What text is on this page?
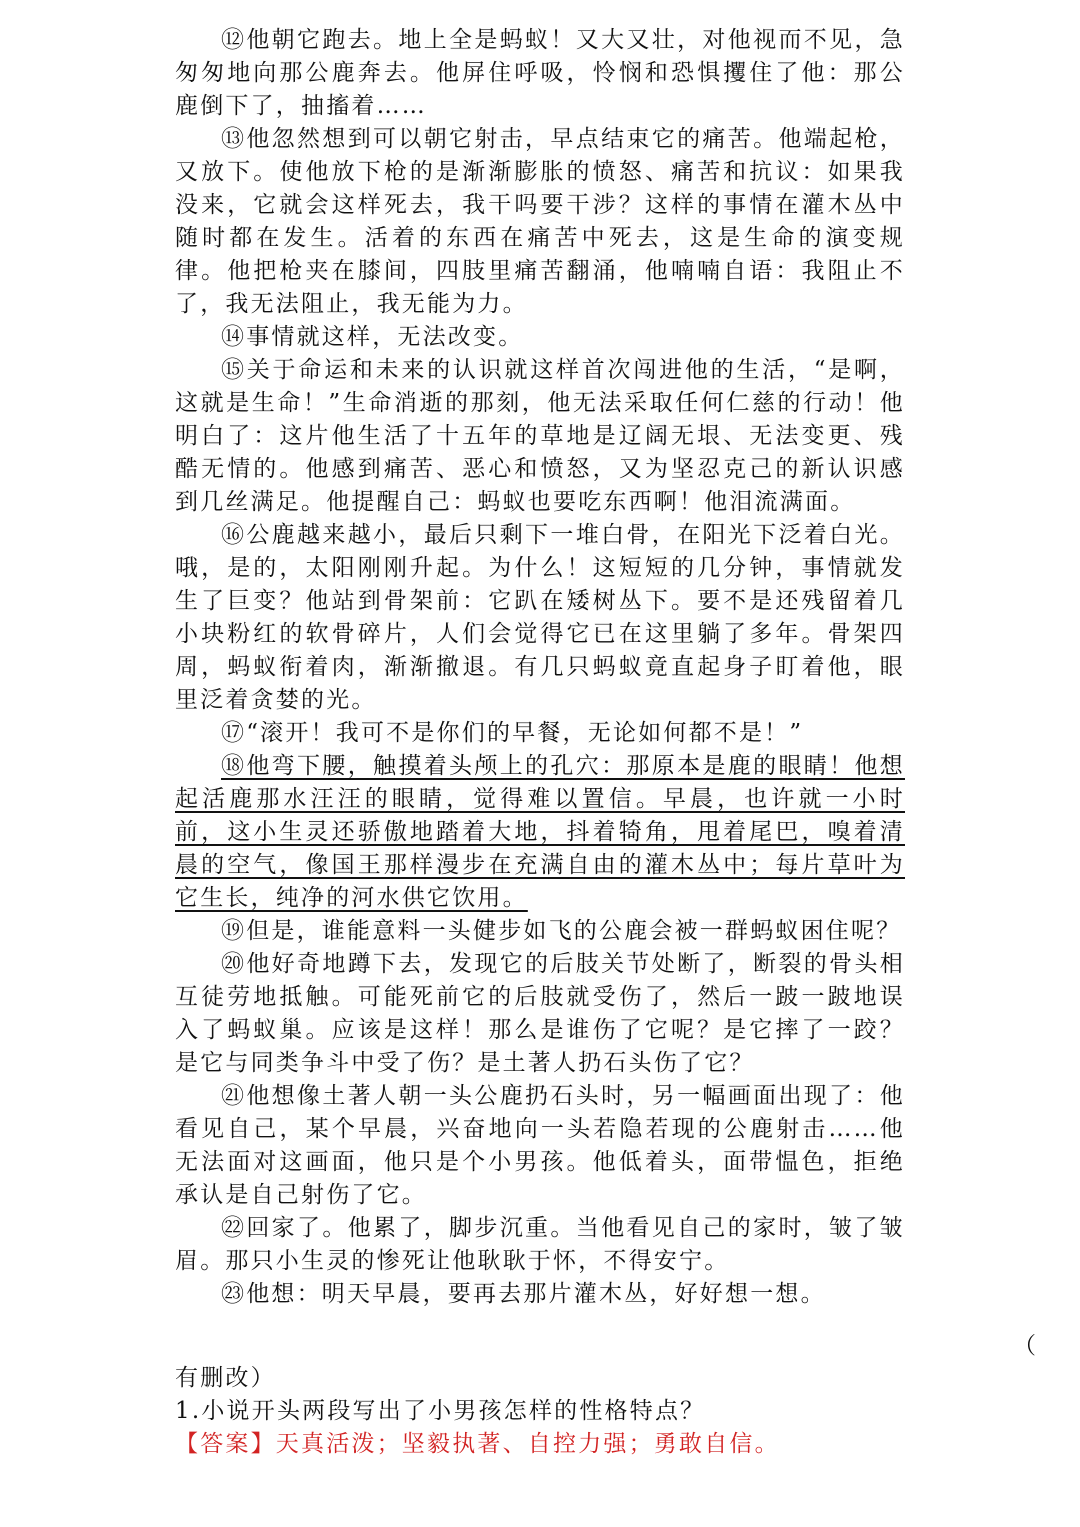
⑫他朝它跑去。地上全是蚂蚁！又大又壮，对他视而不见，急匆匆地向那公鹿奔去。他屏住呼吸，怜悯和恐惧攫住了他：那公鹿倒下了，抽搐着……

⑬他忽然想到可以朝它射击，早点结束它的痛苦。他端起枪，又放下。使他放下枪的是渐渐膨胀的愤怒、痛苦和抗议：如果我没来，它就会这样死去，我干吗要干涉？这样的事情在灌木丛中随时都在发生。活着的东西在痛苦中死去，这是生命的演变规律。他把枪夹在膝间，四肢里痛苦翻涌，他喃喃自语：我阻止不了，我无法阻止，我无能为力。

⑭事情就这样，无法改变。

⑮关于命运和未来的认识就这样首次闯进他的生活，“是啊，这就是生命！”生命消逝的那刻，他无法采取任何仁慈的行动！他明白了：这片他生活了十五年的草地是辽阔无垠、无法变更、残酷无情的。他感到痛苦、恶心和愤怒，又为坚忍克己的新认识感到几丝满足。他提醒自己：蚂蚁也要吃东西啊！他泪流满面。

⑯公鹿越来越小，最后只剩下一堆白骨，在阳光下泛着白光。哦，是的，太阳刚刚升起。为什么！这短短的几分钟，事情就发生了巨变？他站到骨架前：它趴在矮树丛下。要不是还残留着几小块粉红的软骨碎片，人们会觉得它已在这里躺了多年。骨架四周，蚂蚁衔着肉，渐渐撤退。有几只蚂蚁竟直起身子盯着他，眼里泛着贪婪的光。

⑰“滚开！我可不是你们的早餐，无论如何都不是！”

⑱他弯下腰，触摸着头颅上的孔穴：那原本是鹿的眼睛！他想起活鹿那水汪汪的眼睛，觉得难以置信。早晨，也许就一小时前，这小生灵还骄傲地踏着大地，抖着犄角，甩着尾巴，嗅着清晨的空气，像国王那样漫步在充满自由的灌木丛中；每片草叶为它生长，纯净的河水供它饮用。

⑲但是，谁能意料一头健步如飞的公鹿会被一群蚂蚁困住呢？

⑳他好奇地蹲下去，发现它的后肢关节处断了，断裂的骨头相互徒劳地抵触。可能死前它的后肢就受伤了，然后一跛一跛地误入了蚂蚁巢。应该是这样！那么是谁伤了它呢？是它摔了一跤？是它与同类争斗中受了伤？是土著人扔石头伤了它？

㉑他想像土著人朝一头公鹿扔石头时，另一幅画面出现了：他看见自己，某个早晨，兴奋地向一头若隐若现的公鹿射击……他无法面对这画面，他只是个小男孩。他低着头，面带愠色，拒绝承认是自己射伤了它。

㉒回家了。他累了，脚步沉重。当他看见自己的家时，皱了皱眉。那只小生灵的惨死让他耿耿于怀，不得安宁。

㉓他想：明天早晨，要再去那片灌木丛，好好想一想。

（
有删改）
1.小说开头两段写出了小男孩怎样的性格特点？
【答案】天真活泼；坚毅执著、自控力强；勇敢自信。
